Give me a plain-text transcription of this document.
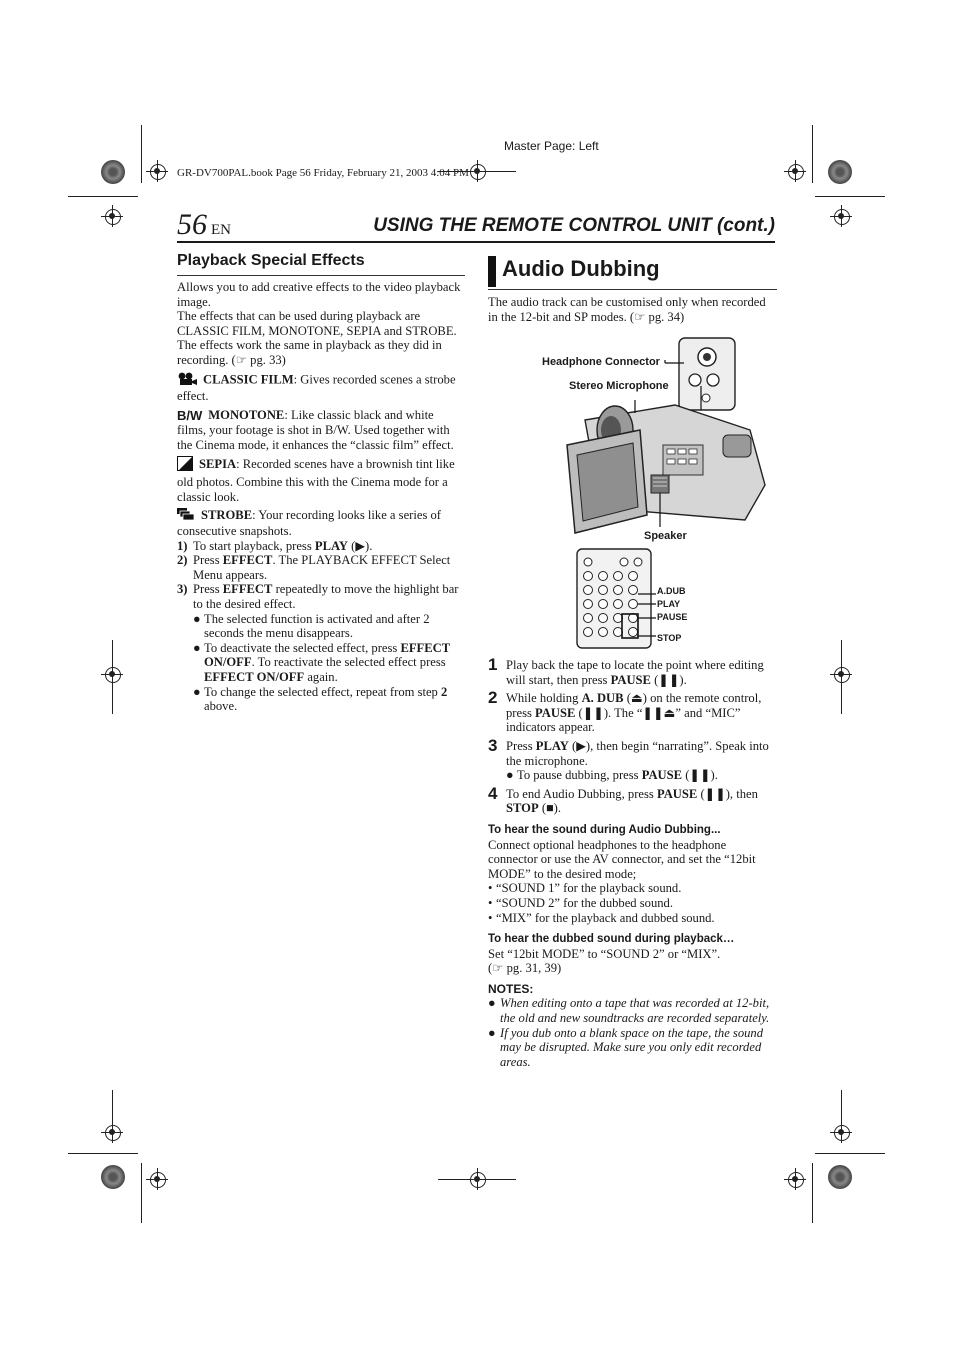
Master Page: Left
GR-DV700PAL.book Page 56 Friday, February 21, 2003 4:04 PM
56 EN	USING THE REMOTE CONTROL UNIT (cont.)
Playback Special Effects

Allows you to add creative effects to the video playback image.

The effects that can be used during playback are CLASSIC FILM, MONOTONE, SEPIA and STROBE.

The effects work the same in playback as they did in recording. (☞ pg. 33)

CLASSIC FILM: Gives recorded scenes a strobe effect.

B/W MONOTONE: Like classic black and white films, your footage is shot in B/W. Used together with the Cinema mode, it enhances the “classic film” effect.

SEPIA: Recorded scenes have a brownish tint like old photos. Combine this with the Cinema mode for a classic look.

STROBE: Your recording looks like a series of consecutive snapshots.

1) To start playback, press PLAY (▶).
2) Press EFFECT. The PLAYBACK EFFECT Select Menu appears.
3) Press EFFECT repeatedly to move the highlight bar to the desired effect.
● The selected function is activated and after 2 seconds the menu disappears.
● To deactivate the selected effect, press EFFECT ON/OFF. To reactivate the selected effect press EFFECT ON/OFF again.
● To change the selected effect, repeat from step 2 above.
Audio Dubbing
The audio track can be customised only when recorded in the 12-bit and SP modes. (☞ pg. 34)
Headphone Connector
Stereo Microphone
Speaker
A.DUB
PLAY
PAUSE
STOP
1 Play back the tape to locate the point where editing will start, then press PAUSE (❚❚).
2 While holding A. DUB (⏏) on the remote control, press PAUSE (❚❚). The “❚❚⏏” and “MIC” indicators appear.
3 Press PLAY (▶), then begin “narrating”. Speak into the microphone.
● To pause dubbing, press PAUSE (❚❚).
4 To end Audio Dubbing, press PAUSE (❚❚), then STOP (■).

To hear the sound during Audio Dubbing...

Connect optional headphones to the headphone connector or use the AV connector, and set the “12bit MODE” to the desired mode;

• “SOUND 1” for the playback sound.
• “SOUND 2” for the dubbed sound.
• “MIX” for the playback and dubbed sound.

To hear the dubbed sound during playback…

Set “12bit MODE” to “SOUND 2” or “MIX”.

(☞ pg. 31, 39)

NOTES:

● When editing onto a tape that was recorded at 12-bit, the old and new soundtracks are recorded separately.
● If you dub onto a blank space on the tape, the sound may be disrupted. Make sure you only edit recorded areas.
